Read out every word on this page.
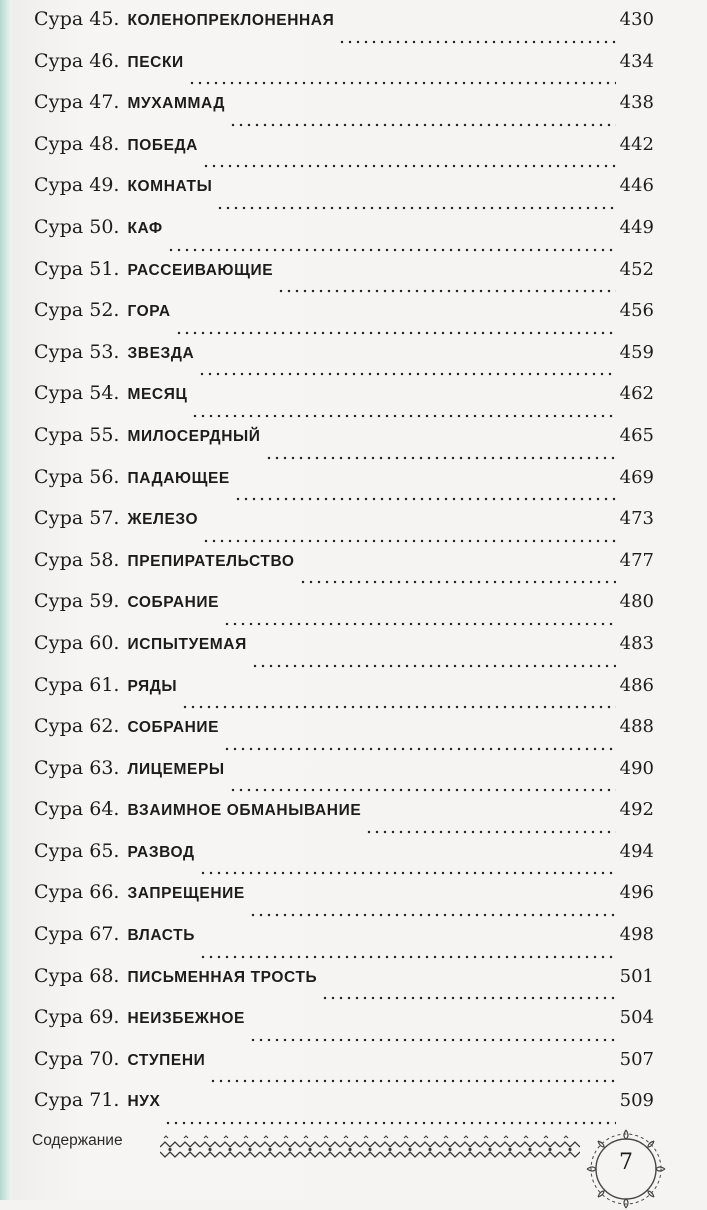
Сура 45. КОЛЕНОПРЕКЛОНЕННАЯ	430
Сура 46. ПЕСКИ	434
Сура 47. МУХАММАД	438
Сура 48. ПОБЕДА	442
Сура 49. КОМНАТЫ	446
Сура 50. КАФ	449
Сура 51. РАССЕИВАЮЩИЕ	452
Сура 52. ГОРА	456
Сура 53. ЗВЕЗДА	459
Сура 54. МЕСЯЦ	462
Сура 55. МИЛОСЕРДНЫЙ	465
Сура 56. ПАДАЮЩЕЕ	469
Сура 57. ЖЕЛЕЗО	473
Сура 58. ПРЕПИРАТЕЛЬСТВО	477
Сура 59. СОБРАНИЕ	480
Сура 60. ИСПЫТУЕМАЯ	483
Сура 61. РЯДЫ	486
Сура 62. СОБРАНИЕ	488
Сура 63. ЛИЦЕМЕРЫ	490
Сура 64. ВЗАИМНОЕ ОБМАНЫВАНИЕ	492
Сура 65. РАЗВОД	494
Сура 66. ЗАПРЕЩЕНИЕ	496
Сура 67. ВЛАСТЬ	498
Сура 68. ПИСЬМЕННАЯ ТРОСТЬ	501
Сура 69. НЕИЗБЕЖНОЕ	504
Сура 70. СТУПЕНИ	507
Сура 71. НУХ	509
Содержание
7
